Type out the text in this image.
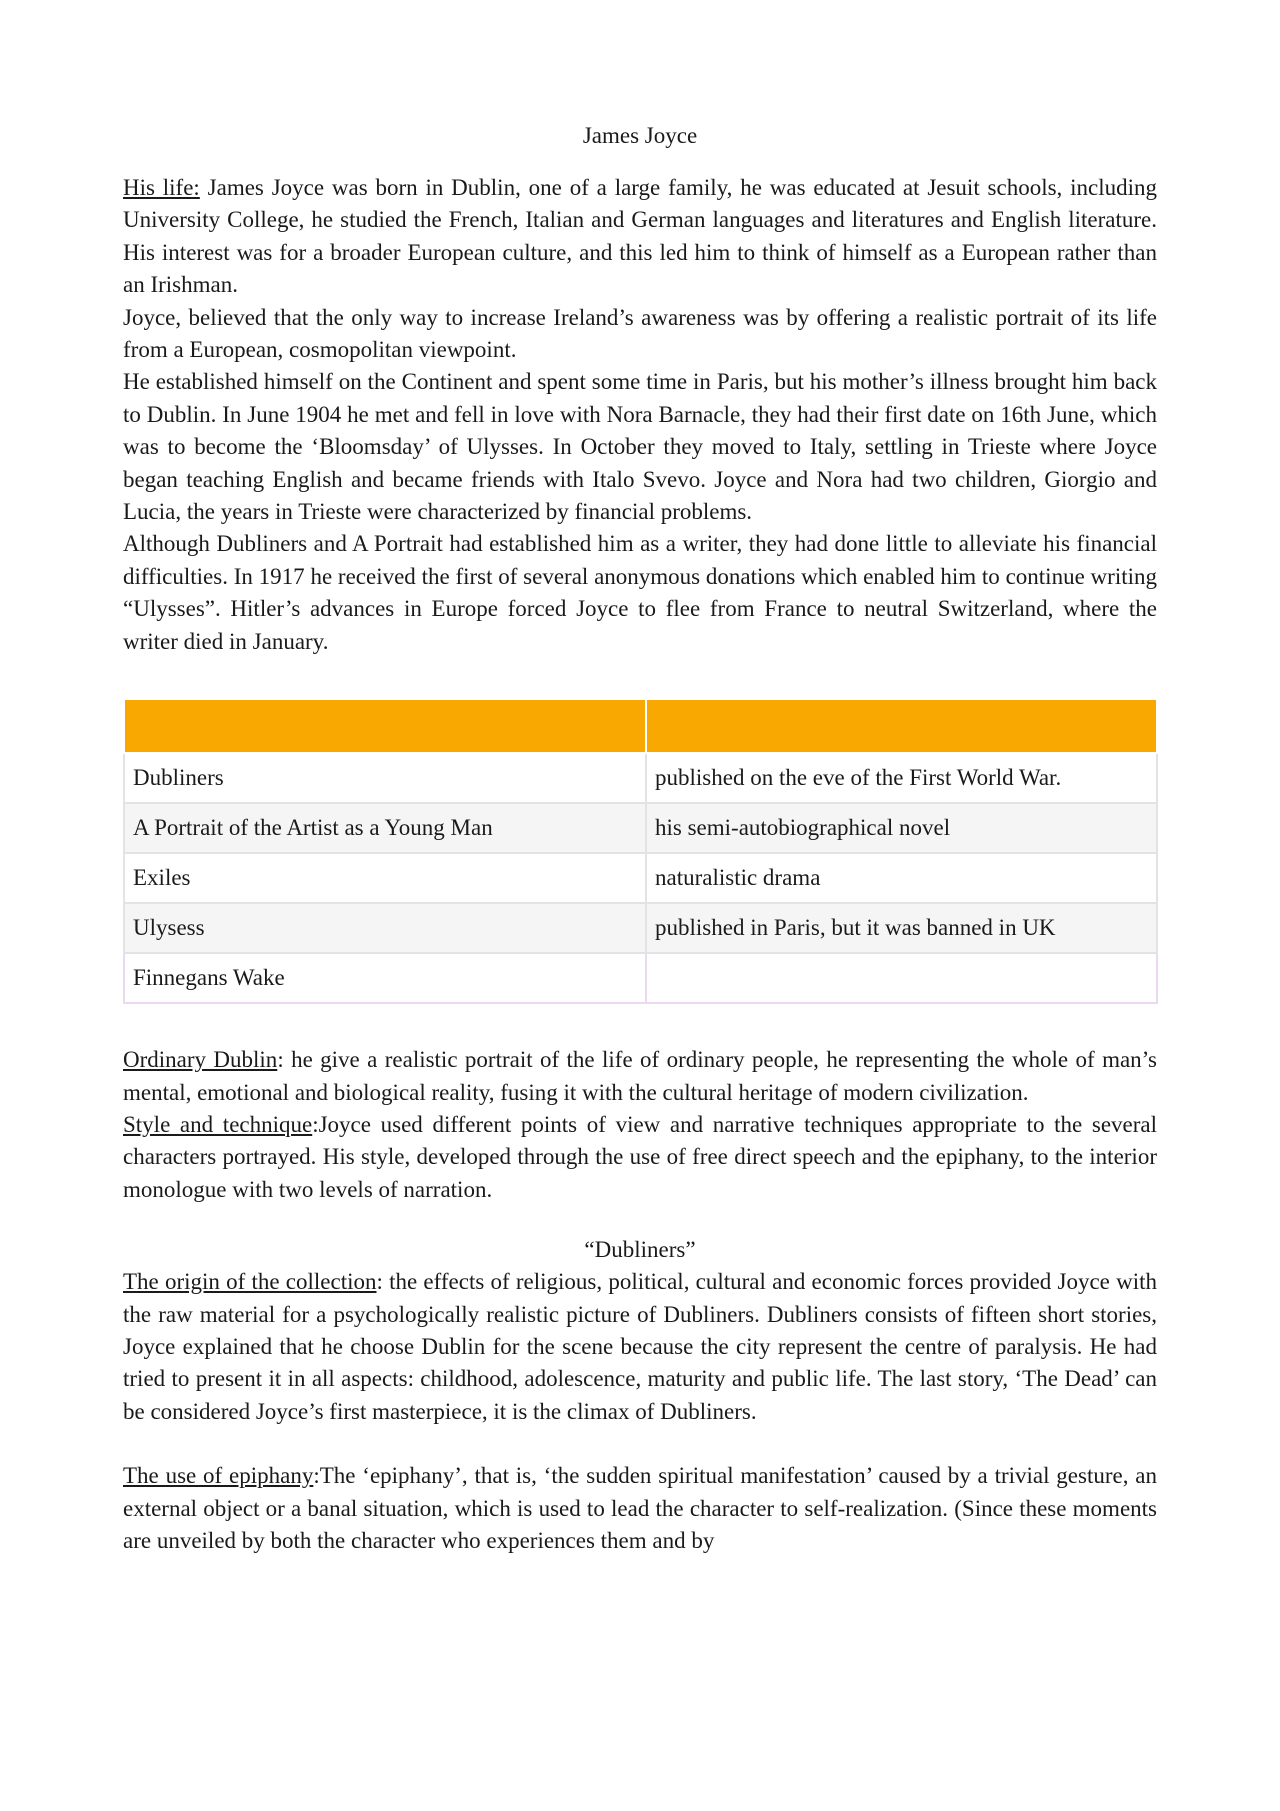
James Joyce

His life: James Joyce was born in Dublin, one of a large family, he was educated at Jesuit schools, including University College, he studied the French, Italian and German languages and literatures and English literature. His interest was for a broader European culture, and this led him to think of himself as a European rather than an Irishman.

Joyce, believed that the only way to increase Ireland’s awareness was by offering a realistic portrait of its life from a European, cosmopolitan viewpoint.

He established himself on the Continent and spent some time in Paris, but his mother’s illness brought him back to Dublin. In June 1904 he met and fell in love with Nora Barnacle, they had their first date on 16th June, which was to become the ‘Bloomsday’ of Ulysses. In October they moved to Italy, settling in Trieste where Joyce began teaching English and became friends with Italo Svevo. Joyce and Nora had two children, Giorgio and Lucia, the years in Trieste were characterized by financial problems.

Although Dubliners and A Portrait had established him as a writer, they had done little to alleviate his financial difficulties. In 1917 he received the first of several anonymous donations which enabled him to continue writing “Ulysses”. Hitler’s advances in Europe forced Joyce to flee from France to neutral Switzerland, where the writer died in January.

Dubliners	published on the eve of the First World War.
A Portrait of the Artist as a Young Man	his semi-autobiographical novel
Exiles	naturalistic drama
Ulysess	published in Paris, but it was banned in UK
Finnegans Wake	

Ordinary Dublin: he give a realistic portrait of the life of ordinary people, he representing the whole of man’s mental, emotional and biological reality, fusing it with the cultural heritage of modern civilization.

Style and technique:Joyce used different points of view and narrative techniques appropriate to the several characters portrayed. His style, developed through the use of free direct speech and the epiphany, to the interior monologue with two levels of narration.

“Dubliners”

The origin of the collection: the effects of religious, political, cultural and economic forces provided Joyce with the raw material for a psychologically realistic picture of Dubliners. Dubliners consists of fifteen short stories, Joyce explained that he choose Dublin for the scene because the city represent the centre of paralysis. He had tried to present it in all aspects: childhood, adolescence, maturity and public life. The last story, ‘The Dead’ can be considered Joyce’s first masterpiece, it is the climax of Dubliners.

The use of epiphany:The ‘epiphany’, that is, ‘the sudden spiritual manifestation’ caused by a trivial gesture, an external object or a banal situation, which is used to lead the character to self-realization. (Since these moments are unveiled by both the character who experiences them and by
